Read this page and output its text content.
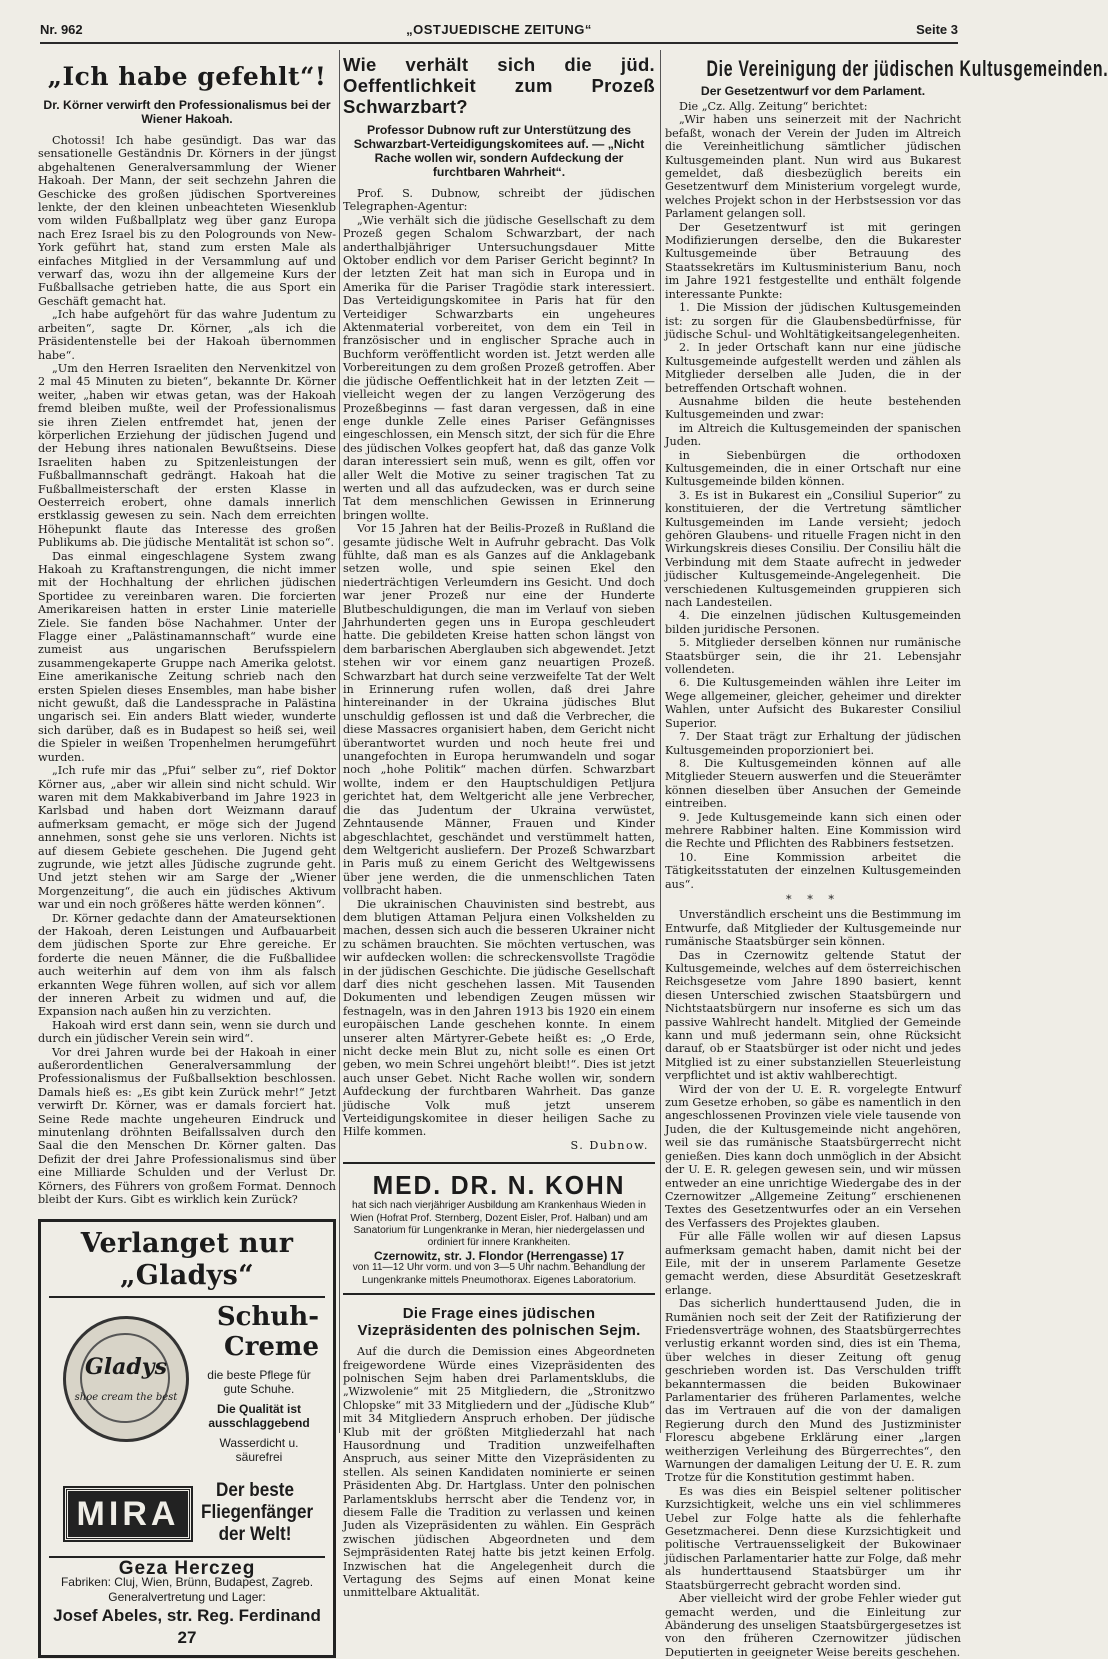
Nr. 962	„OSTJUEDISCHE ZEITUNG“	Seite 3
„Ich habe gefehlt“!
Dr. Körner verwirft den Professionalismus bei der Wiener Hakoah.

Chotossi! Ich habe gesündigt. Das war das sensationelle Geständnis Dr. Körners in der jüngst abgehaltenen Generalversammlung der Wiener Hakoah. Der Mann, der seit sechzehn Jahren die Geschicke des großen jüdischen Sportvereines lenkte, der den kleinen unbeachteten Wiesenklub vom wilden Fußballplatz weg über ganz Europa nach Erez Israel bis zu den Pologrounds von New-York geführt hat, stand zum ersten Male als einfaches Mitglied in der Versammlung auf und verwarf das, wozu ihn der allgemeine Kurs der Fußballsache getrieben hatte, die aus Sport ein Geschäft gemacht hat.

„Ich habe aufgehört für das wahre Judentum zu arbeiten“, sagte Dr. Körner, „als ich die Präsidentenstelle bei der Hakoah übernommen habe“.

„Um den Herren Israeliten den Nervenkitzel von 2 mal 45 Minuten zu bieten“, bekannte Dr. Körner weiter, „haben wir etwas getan, was der Hakoah fremd bleiben mußte, weil der Professionalismus sie ihren Zielen entfremdet hat, jenen der körperlichen Erziehung der jüdischen Jugend und der Hebung ihres nationalen Bewußtseins. Diese Israeliten haben zu Spitzenleistungen der Fußballmannschaft gedrängt. Hakoah hat die Fußballmeisterschaft der ersten Klasse in Oesterreich erobert, ohne damals innerlich erstklassig gewesen zu sein. Nach dem erreichten Höhepunkt flaute das Interesse des großen Publikums ab. Die jüdische Mentalität ist schon so“.

Das einmal eingeschlagene System zwang Hakoah zu Kraftanstrengungen, die nicht immer mit der Hochhaltung der ehrlichen jüdischen Sportidee zu vereinbaren waren. Die forcierten Amerikareisen hatten in erster Linie materielle Ziele. Sie fanden böse Nachahmer. Unter der Flagge einer „Palästinamannschaft“ wurde eine zumeist aus ungarischen Berufsspielern zusammengekaperte Gruppe nach Amerika gelotst. Eine amerikanische Zeitung schrieb nach den ersten Spielen dieses Ensembles, man habe bisher nicht gewußt, daß die Landessprache in Palästina ungarisch sei. Ein anders Blatt wieder, wunderte sich darüber, daß es in Budapest so heiß sei, weil die Spieler in weißen Tropenhelmen herumgeführt wurden.

„Ich rufe mir das „Pfui“ selber zu“, rief Doktor Körner aus, „aber wir allein sind nicht schuld. Wir waren mit dem Makkabiverband im Jahre 1923 in Karlsbad und haben dort Weizmann darauf aufmerksam gemacht, er möge sich der Jugend annehmen, sonst gehe sie uns verloren. Nichts ist auf diesem Gebiete geschehen. Die Jugend geht zugrunde, wie jetzt alles Jüdische zugrunde geht. Und jetzt stehen wir am Sarge der „Wiener Morgenzeitung“, die auch ein jüdisches Aktivum war und ein noch größeres hätte werden können“.

Dr. Körner gedachte dann der Amateursektionen der Hakoah, deren Leistungen und Aufbauarbeit dem jüdischen Sporte zur Ehre gereiche. Er forderte die neuen Männer, die die Fußballidee auch weiterhin auf dem von ihm als falsch erkannten Wege führen wollen, auf sich vor allem der inneren Arbeit zu widmen und auf, die Expansion nach außen hin zu verzichten.

Hakoah wird erst dann sein, wenn sie durch und durch ein jüdischer Verein sein wird“.

Vor drei Jahren wurde bei der Hakoah in einer außerordentlichen Generalversammlung der Professionalismus der Fußballsektion beschlossen. Damals hieß es: „Es gibt kein Zurück mehr!“ Jetzt verwirft Dr. Körner, was er damals forciert hat. Seine Rede machte ungeheuren Eindruck und minutenlang dröhnten Beifallssalven durch den Saal die den Menschen Dr. Körner galten. Das Defizit der drei Jahre Professionalismus sind über eine Milliarde Schulden und der Verlust Dr. Körners, des Führers von großem Format. Dennoch bleibt der Kurs. Gibt es wirklich kein Zurück?

Verlanget nur „Gladys“
Gladys
shoe cream the best
Schuh-Creme
die beste Pflege für gute Schuhe.
Die Qualität ist ausschlaggebend
Wasserdicht u. säurefrei
MIRA
Der beste Fliegenfänger der Welt!
Geza Herczeg
Fabriken: Cluj, Wien, Brünn, Budapest, Zagreb.
Generalvertretung und Lager:
Josef Abeles, str. Reg. Ferdinand 27
Wie verhält sich die jüd. Oeffentlichkeit zum Prozeß Schwarzbart?
Professor Dubnow ruft zur Unterstützung des Schwarzbart-Verteidigungskomitees auf. — „Nicht Rache wollen wir, sondern Aufdeckung der furchtbaren Wahrheit“.

Prof. S. Dubnow, schreibt der jüdischen Telegraphen-Agentur:

„Wie verhält sich die jüdische Gesellschaft zu dem Prozeß gegen Schalom Schwarzbart, der nach anderthalbjähriger Untersuchungsdauer Mitte Oktober endlich vor dem Pariser Gericht beginnt? In der letzten Zeit hat man sich in Europa und in Amerika für die Pariser Tragödie stark interessiert. Das Verteidigungskomitee in Paris hat für den Verteidiger Schwarzbarts ein ungeheures Aktenmaterial vorbereitet, von dem ein Teil in französischer und in englischer Sprache auch in Buchform veröffentlicht worden ist. Jetzt werden alle Vorbereitungen zu dem großen Prozeß getroffen. Aber die jüdische Oeffentlichkeit hat in der letzten Zeit — vielleicht wegen der zu langen Verzögerung des Prozeßbeginns — fast daran vergessen, daß in eine enge dunkle Zelle eines Pariser Gefängnisses eingeschlossen, ein Mensch sitzt, der sich für die Ehre des jüdischen Volkes geopfert hat, daß das ganze Volk daran interessiert sein muß, wenn es gilt, offen vor aller Welt die Motive zu seiner tragischen Tat zu werten und all das aufzudecken, was er durch seine Tat dem menschlichen Gewissen in Erinnerung bringen wollte.

Vor 15 Jahren hat der Beilis-Prozeß in Rußland die gesamte jüdische Welt in Aufruhr gebracht. Das Volk fühlte, daß man es als Ganzes auf die Anklagebank setzen wolle, und spie seinen Ekel den niederträchtigen Verleumdern ins Gesicht. Und doch war jener Prozeß nur eine der Hunderte Blutbeschuldigungen, die man im Verlauf von sieben Jahrhunderten gegen uns in Europa geschleudert hatte. Die gebildeten Kreise hatten schon längst von dem barbarischen Aberglauben sich abgewendet. Jetzt stehen wir vor einem ganz neuartigen Prozeß. Schwarzbart hat durch seine verzweifelte Tat der Welt in Erinnerung rufen wollen, daß drei Jahre hintereinander in der Ukraina jüdisches Blut unschuldig geflossen ist und daß die Verbrecher, die diese Massacres organisiert haben, dem Gericht nicht überantwortet wurden und noch heute frei und unangefochten in Europa herumwandeln und sogar noch „hohe Politik“ machen dürfen. Schwarzbart wollte, indem er den Hauptschuldigen Petljura gerichtet hat, dem Weltgericht alle jene Verbrecher, die das Judentum der Ukraina verwüstet, Zehntausende Männer, Frauen und Kinder abgeschlachtet, geschändet und verstümmelt hatten, dem Weltgericht ausliefern. Der Prozeß Schwarzbart in Paris muß zu einem Gericht des Weltgewissens über jene werden, die die unmenschlichen Taten vollbracht haben.

Die ukrainischen Chauvinisten sind bestrebt, aus dem blutigen Attaman Peljura einen Volkshelden zu machen, dessen sich auch die besseren Ukrainer nicht zu schämen brauchten. Sie möchten vertuschen, was wir aufdecken wollen: die schreckensvollste Tragödie in der jüdischen Geschichte. Die jüdische Gesellschaft darf dies nicht geschehen lassen. Mit Tausenden Dokumenten und lebendigen Zeugen müssen wir festnageln, was in den Jahren 1913 bis 1920 ein einem europäischen Lande geschehen konnte. In einem unserer alten Märtyrer-Gebete heißt es: „O Erde, nicht decke mein Blut zu, nicht solle es einen Ort geben, wo mein Schrei ungehört bleibt!“. Dies ist jetzt auch unser Gebet. Nicht Rache wollen wir, sondern Aufdeckung der furchtbaren Wahrheit. Das ganze jüdische Volk muß jetzt unserem Verteidigungskomitee in dieser heiligen Sache zu Hilfe kommen.

S. Dubnow.
MED. DR. N. KOHN
hat sich nach vierjähriger Ausbildung am Krankenhaus Wieden in Wien (Hofrat Prof. Sternberg, Dozent Eisler, Prof. Halban) und am Sanatorium für Lungenkranke in Meran, hier niedergelassen und ordiniert für innere Krankheiten.
Czernowitz, str. J. Flondor (Herrengasse) 17
von 11—12 Uhr vorm. und von 3—5 Uhr nachm. Behandlung der Lungenkranke mittels Pneumothorax. Eigenes Laboratorium.
Die Frage eines jüdischen Vizepräsidenten des polnischen Sejm.

Auf die durch die Demission eines Abgeordneten freigewordene Würde eines Vizepräsidenten des polnischen Sejm haben drei Parlamentsklubs, die „Wizwolenie“ mit 25 Mitgliedern, die „Stronitzwo Chlopske“ mit 33 Mitgliedern und der „Jüdische Klub“ mit 34 Mitgliedern Anspruch erhoben. Der jüdische Klub mit der größten Mitgliederzahl hat nach Hausordnung und Tradition unzweifelhaften Anspruch, aus seiner Mitte den Vizepräsidenten zu stellen. Als seinen Kandidaten nominierte er seinen Präsidenten Abg. Dr. Hartglass. Unter den polnischen Parlamentsklubs herrscht aber die Tendenz vor, in diesem Falle die Tradition zu verlassen und keinen Juden als Vizepräsidenten zu wählen. Ein Gespräch zwischen jüdischen Abgeordneten und dem Sejmpräsidenten Ratej hatte bis jetzt keinen Erfolg. Inzwischen hat die Angelegenheit durch die Vertagung des Sejms auf einen Monat keine unmittelbare Aktualität.

Die Vereinigung der jüdischen Kultusgemeinden.
Der Gesetzentwurf vor dem Parlament.

Die „Cz. Allg. Zeitung“ berichtet:

„Wir haben uns seinerzeit mit der Nachricht befaßt, wonach der Verein der Juden im Altreich die Vereinheitlichung sämtlicher jüdischen Kultusgemeinden plant. Nun wird aus Bukarest gemeldet, daß diesbezüglich bereits ein Gesetzentwurf dem Ministerium vorgelegt wurde, welches Projekt schon in der Herbstsession vor das Parlament gelangen soll.

Der Gesetzentwurf ist mit geringen Modifizierungen derselbe, den die Bukarester Kultusgemeinde über Betrauung des Staatssekretärs im Kultusministerium Banu, noch im Jahre 1921 festgestellte und enthält folgende interessante Punkte:

1. Die Mission der jüdischen Kultusgemeinden ist: zu sorgen für die Glaubensbedürfnisse, für jüdische Schul- und Wohltätigkeitsangelegenheiten.

2. In jeder Ortschaft kann nur eine jüdische Kultusgemeinde aufgestellt werden und zählen als Mitglieder derselben alle Juden, die in der betreffenden Ortschaft wohnen.

Ausnahme bilden die heute bestehenden Kultusgemeinden und zwar:

im Altreich die Kultusgemeinden der spanischen Juden.

in Siebenbürgen die orthodoxen Kultusgemeinden, die in einer Ortschaft nur eine Kultusgemeinde bilden können.

3. Es ist in Bukarest ein „Consiliul Superior“ zu konstituieren, der die Vertretung sämtlicher Kultusgemeinden im Lande versieht; jedoch gehören Glaubens- und rituelle Fragen nicht in den Wirkungskreis dieses Consiliu. Der Consiliu hält die Verbindung mit dem Staate aufrecht in jedweder jüdischer Kultusgemeinde-Angelegenheit. Die verschiedenen Kultusgemeinden gruppieren sich nach Landesteilen.

4. Die einzelnen jüdischen Kultusgemeinden bilden juridische Personen.

5. Mitglieder derselben können nur rumänische Staatsbürger sein, die ihr 21. Lebensjahr vollendeten.

6. Die Kultusgemeinden wählen ihre Leiter im Wege allgemeiner, gleicher, geheimer und direkter Wahlen, unter Aufsicht des Bukarester Consiliul Superior.

7. Der Staat trägt zur Erhaltung der jüdischen Kultusgemeinden proporzioniert bei.

8. Die Kultusgemeinden können auf alle Mitglieder Steuern auswerfen und die Steuerämter können dieselben über Ansuchen der Gemeinde eintreiben.

9. Jede Kultusgemeinde kann sich einen oder mehrere Rabbiner halten. Eine Kommission wird die Rechte und Pflichten des Rabbiners festsetzen.

10. Eine Kommission arbeitet die Tätigkeitsstatuten der einzelnen Kultusgemeinden aus“.

* * *

Unverständlich erscheint uns die Bestimmung im Entwurfe, daß Mitglieder der Kultusgemeinde nur rumänische Staatsbürger sein können.

Das in Czernowitz geltende Statut der Kultusgemeinde, welches auf dem österreichischen Reichsgesetze vom Jahre 1890 basiert, kennt diesen Unterschied zwischen Staatsbürgern und Nichtstaatsbürgern nur insoferne es sich um das passive Wahlrecht handelt. Mitglied der Gemeinde kann und muß jedermann sein, ohne Rücksicht darauf, ob er Staatsbürger ist oder nicht und jedes Mitglied ist zu einer substanziellen Steuerleistung verpflichtet und ist aktiv wahlberechtigt.

Wird der von der U. E. R. vorgelegte Entwurf zum Gesetze erhoben, so gäbe es namentlich in den angeschlossenen Provinzen viele viele tausende von Juden, die der Kultusgemeinde nicht angehören, weil sie das rumänische Staatsbürgerrecht nicht genießen. Dies kann doch unmöglich in der Absicht der U. E. R. gelegen gewesen sein, und wir müssen entweder an eine unrichtige Wiedergabe des in der Czernowitzer „Allgemeine Zeitung“ erschienenen Textes des Gesetzentwurfes oder an ein Versehen des Verfassers des Projektes glauben.

Für alle Fälle wollen wir auf diesen Lapsus aufmerksam gemacht haben, damit nicht bei der Eile, mit der in unserem Parlamente Gesetze gemacht werden, diese Absurdität Gesetzeskraft erlange.

Das sicherlich hunderttausend Juden, die in Rumänien noch seit der Zeit der Ratifizierung der Friedensverträge wohnen, des Staatsbürgerrechtes verlustig erkannt worden sind, dies ist ein Thema, über welches in dieser Zeitung oft genug geschrieben worden ist. Das Verschulden trifft bekanntermassen die beiden Bukowinaer Parlamentarier des früheren Parlamentes, welche das im Vertrauen auf die von der damaligen Regierung durch den Mund des Justizminister Florescu abgebene Erklärung einer „largen weitherzigen Verleihung des Bürgerrechtes“, den Warnungen der damaligen Leitung der U. E. R. zum Trotze für die Konstitution gestimmt haben.

Es was dies ein Beispiel seltener politischer Kurzsichtigkeit, welche uns ein viel schlimmeres Uebel zur Folge hatte als die fehlerhafte Gesetzmacherei. Denn diese Kurzsichtigkeit und politische Vertrauensseligkeit der Bukowinaer jüdischen Parlamentarier hatte zur Folge, daß mehr als hunderttausend Staatsbürger um ihr Staatsbürgerrecht gebracht worden sind.

Aber vielleicht wird der grobe Fehler wieder gut gemacht werden, und die Einleitung zur Abänderung des unseligen Staatsbürgergesetzes ist von den früheren Czernowitzer jüdischen Deputierten in geeigneter Weise bereits geschehen.
